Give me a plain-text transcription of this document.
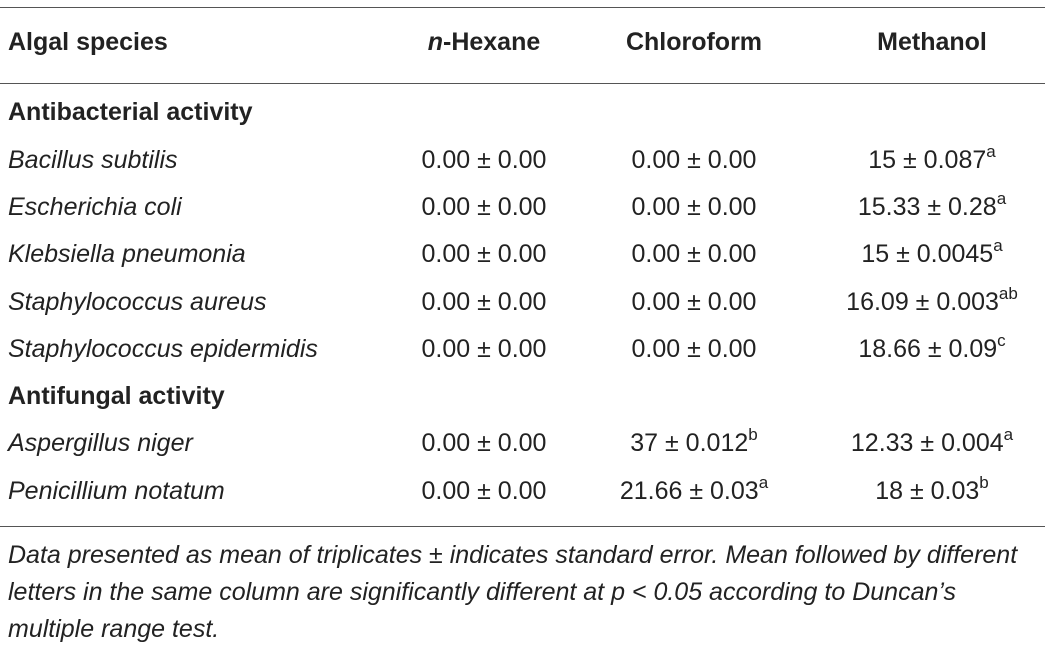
Algal species	n-Hexane	Chloroform	Methanol
Antibacterial activity
Bacillus subtilis	0.00 ± 0.00	0.00 ± 0.00	15 ± 0.087$^a$
Escherichia coli	0.00 ± 0.00	0.00 ± 0.00	15.33 ± 0.28$^a$
Klebsiella pneumonia	0.00 ± 0.00	0.00 ± 0.00	15 ± 0.0045$^a$
Staphylococcus aureus	0.00 ± 0.00	0.00 ± 0.00	16.09 ± 0.003$^{ab}$
Staphylococcus epidermidis	0.00 ± 0.00	0.00 ± 0.00	18.66 ± 0.09$^c$
Antifungal activity
Aspergillus niger	0.00 ± 0.00	37 ± 0.012$^b$	12.33 ± 0.004$^a$
Penicillium notatum	0.00 ± 0.00	21.66 ± 0.03$^a$	18 ± 0.03$^b$
Data presented as mean of triplicates ± indicates standard error. Mean followed by different letters in the same column are significantly different at p < 0.05 according to Duncan’s multiple range test.
